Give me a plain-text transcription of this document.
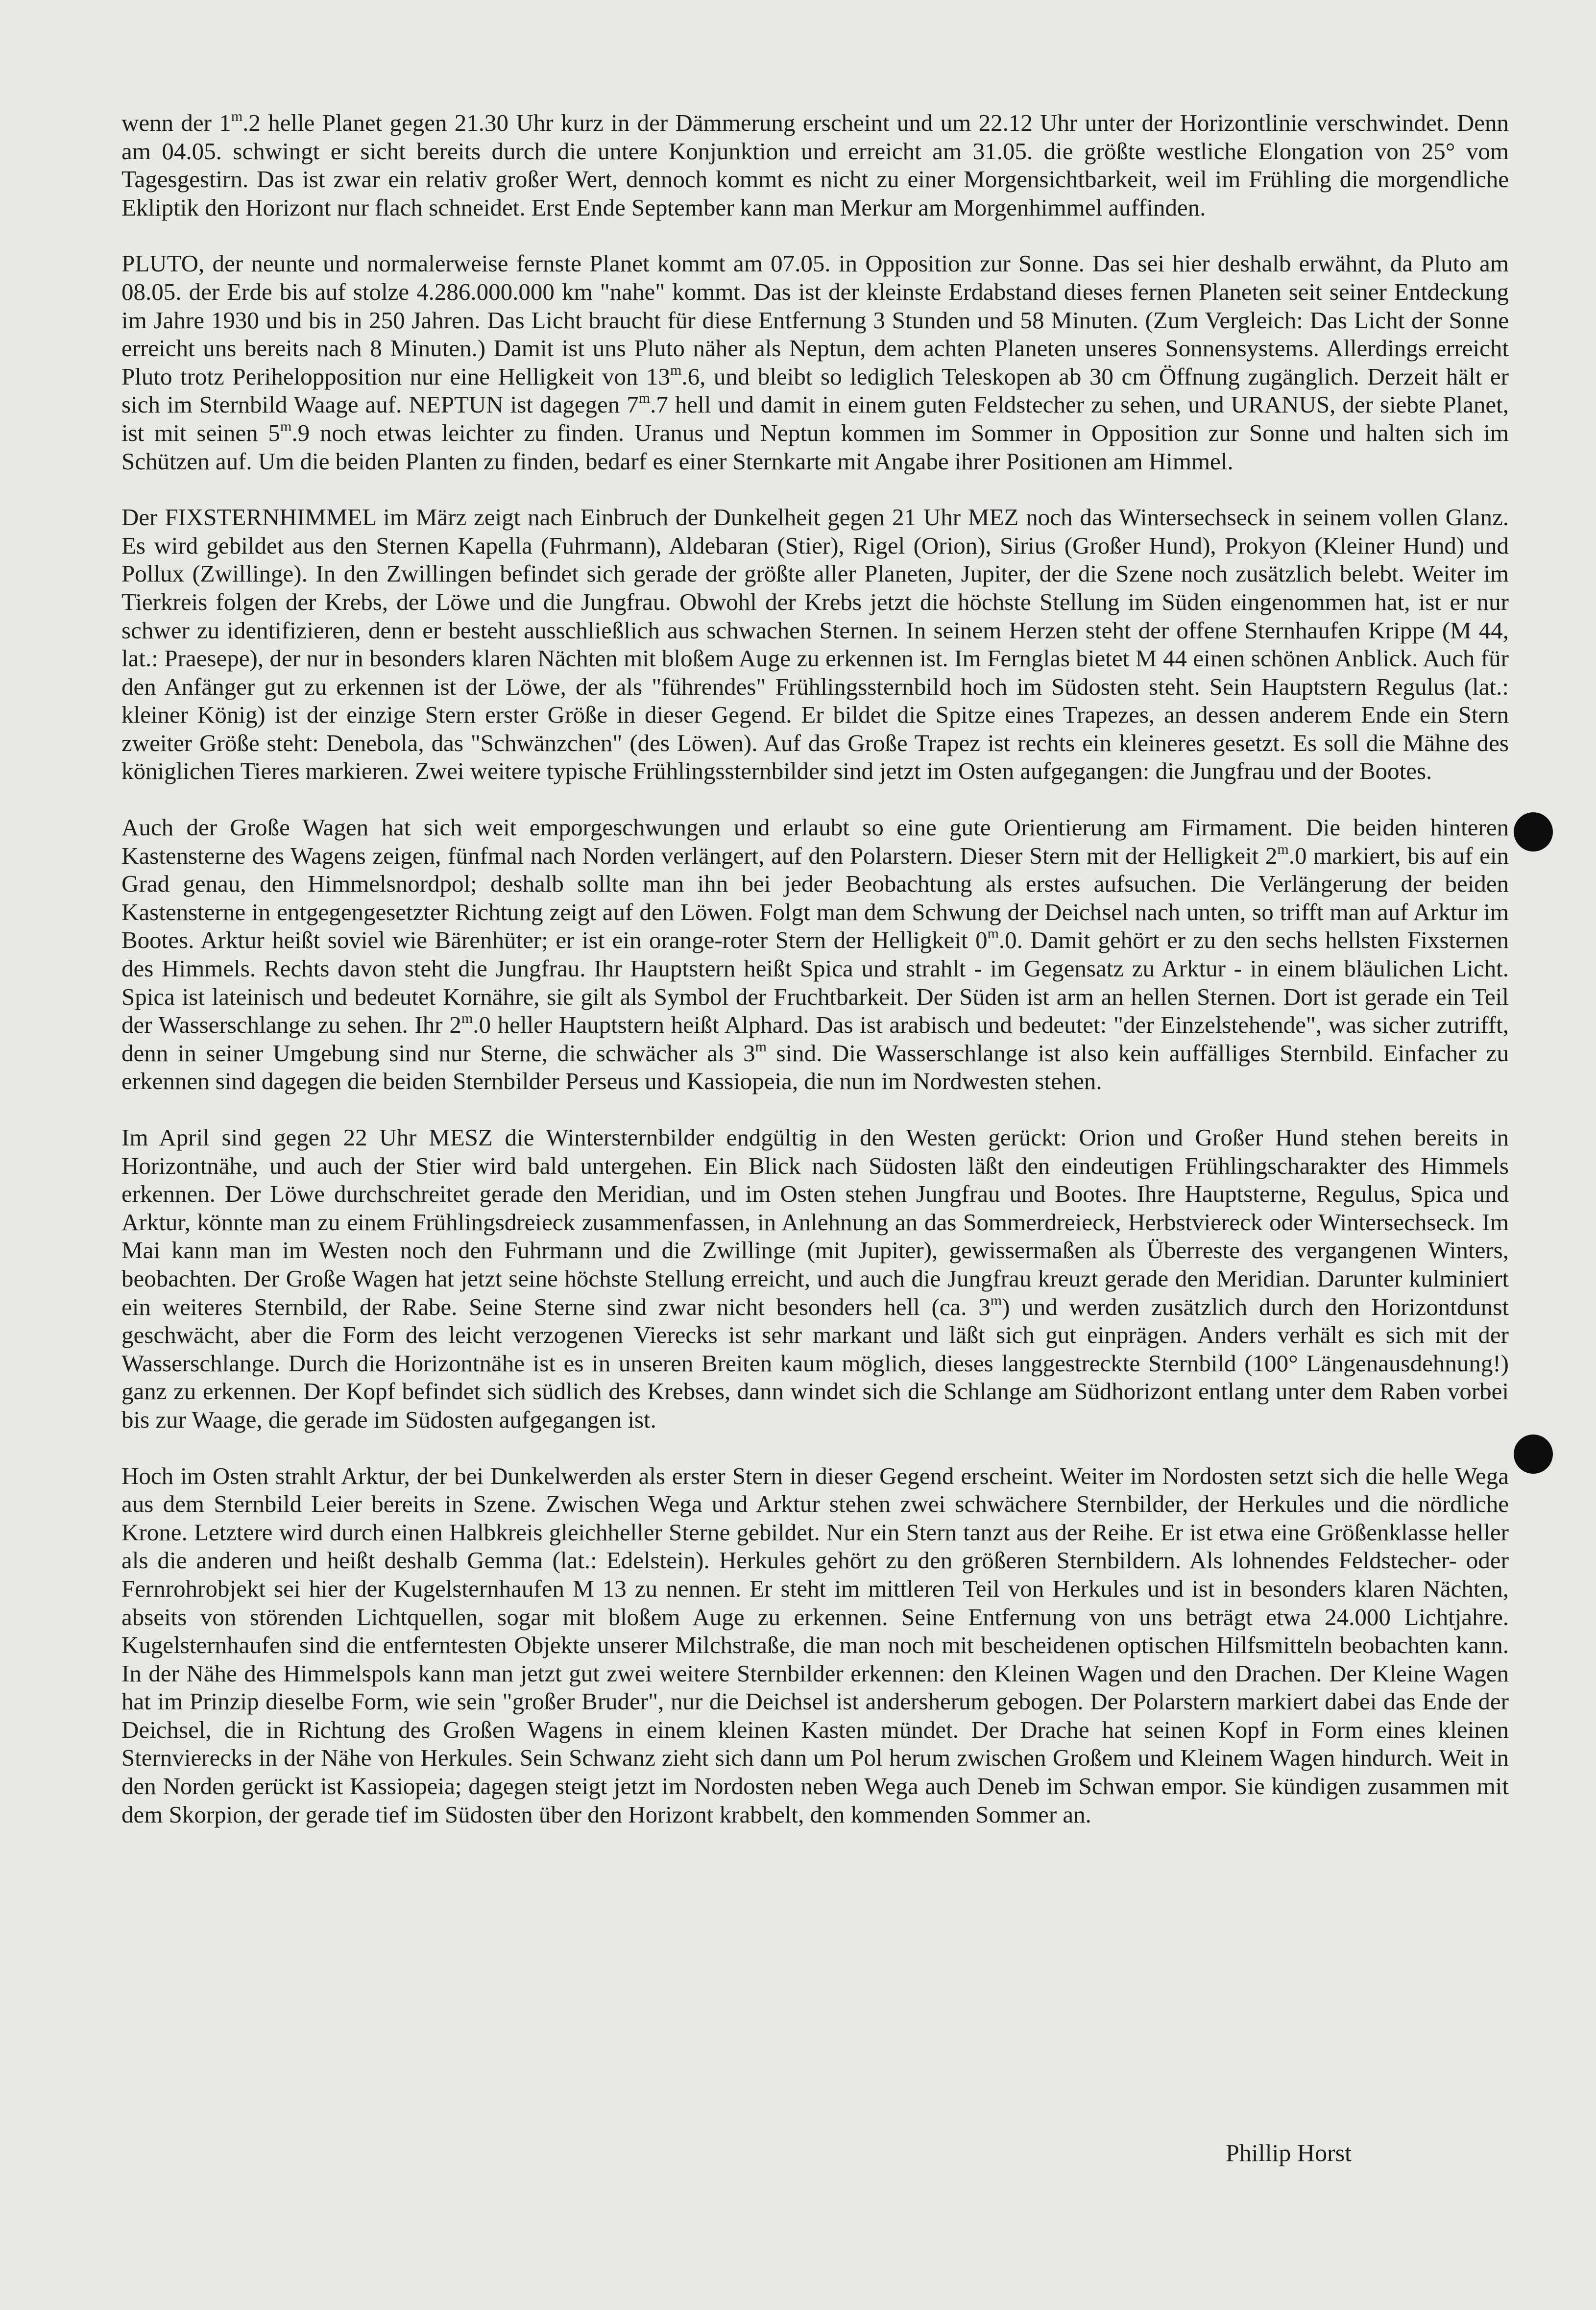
wenn der 1$^m$.2 helle Planet gegen 21.30 Uhr kurz in der Dämmerung erscheint und um 22.12 Uhr unter der Horizontlinie verschwindet. Denn am 04.05. schwingt er sicht bereits durch die untere Konjunktion und erreicht am 31.05. die größte westliche Elongation von 25° vom Tagesgestirn. Das ist zwar ein relativ großer Wert, dennoch kommt es nicht zu einer Morgensichtbarkeit, weil im Frühling die morgendliche Ekliptik den Horizont nur flach schneidet. Erst Ende September kann man Merkur am Morgenhimmel auffinden.

PLUTO, der neunte und normalerweise fernste Planet kommt am 07.05. in Opposition zur Sonne. Das sei hier deshalb erwähnt, da Pluto am 08.05. der Erde bis auf stolze 4.286.000.000 km "nahe" kommt. Das ist der kleinste Erdabstand dieses fernen Planeten seit seiner Entdeckung im Jahre 1930 und bis in 250 Jahren. Das Licht braucht für diese Entfernung 3 Stunden und 58 Minuten. (Zum Vergleich: Das Licht der Sonne erreicht uns bereits nach 8 Minuten.) Damit ist uns Pluto näher als Neptun, dem achten Planeten unseres Sonnensystems. Allerdings erreicht Pluto trotz Perihelopposition nur eine Helligkeit von 13$^m$.6, und bleibt so lediglich Teleskopen ab 30 cm Öffnung zugänglich. Derzeit hält er sich im Sternbild Waage auf. NEPTUN ist dagegen 7$^m$.7 hell und damit in einem guten Feldstecher zu sehen, und URANUS, der siebte Planet, ist mit seinen 5$^m$.9 noch etwas leichter zu finden. Uranus und Neptun kommen im Sommer in Opposition zur Sonne und halten sich im Schützen auf. Um die beiden Planten zu finden, bedarf es einer Sternkarte mit Angabe ihrer Positionen am Himmel.

Der FIXSTERNHIMMEL im März zeigt nach Einbruch der Dunkelheit gegen 21 Uhr MEZ noch das Wintersechseck in seinem vollen Glanz. Es wird gebildet aus den Sternen Kapella (Fuhrmann), Aldebaran (Stier), Rigel (Orion), Sirius (Großer Hund), Prokyon (Kleiner Hund) und Pollux (Zwillinge). In den Zwillingen befindet sich gerade der größte aller Planeten, Jupiter, der die Szene noch zusätzlich belebt. Weiter im Tierkreis folgen der Krebs, der Löwe und die Jungfrau. Obwohl der Krebs jetzt die höchste Stellung im Süden eingenommen hat, ist er nur schwer zu identifizieren, denn er besteht ausschließlich aus schwachen Sternen. In seinem Herzen steht der offene Sternhaufen Krippe (M 44, lat.: Praesepe), der nur in besonders klaren Nächten mit bloßem Auge zu erkennen ist. Im Fernglas bietet M 44 einen schönen Anblick. Auch für den Anfänger gut zu erkennen ist der Löwe, der als "führendes" Frühlingssternbild hoch im Südosten steht. Sein Hauptstern Regulus (lat.: kleiner König) ist der einzige Stern erster Größe in dieser Gegend. Er bildet die Spitze eines Trapezes, an dessen anderem Ende ein Stern zweiter Größe steht: Denebola, das "Schwänzchen" (des Löwen). Auf das Große Trapez ist rechts ein kleineres gesetzt. Es soll die Mähne des königlichen Tieres markieren. Zwei weitere typische Frühlingssternbilder sind jetzt im Osten aufgegangen: die Jungfrau und der Bootes.

Auch der Große Wagen hat sich weit emporgeschwungen und erlaubt so eine gute Orientierung am Firmament. Die beiden hinteren Kastensterne des Wagens zeigen, fünfmal nach Norden verlängert, auf den Polarstern. Dieser Stern mit der Helligkeit 2$^m$.0 markiert, bis auf ein Grad genau, den Himmelsnordpol; deshalb sollte man ihn bei jeder Beobachtung als erstes aufsuchen. Die Verlängerung der beiden Kastensterne in entgegengesetzter Richtung zeigt auf den Löwen. Folgt man dem Schwung der Deichsel nach unten, so trifft man auf Arktur im Bootes. Arktur heißt soviel wie Bärenhüter; er ist ein orange-roter Stern der Helligkeit 0$^m$.0. Damit gehört er zu den sechs hellsten Fixsternen des Himmels. Rechts davon steht die Jungfrau. Ihr Hauptstern heißt Spica und strahlt - im Gegensatz zu Arktur - in einem bläulichen Licht. Spica ist lateinisch und bedeutet Kornähre, sie gilt als Symbol der Fruchtbarkeit. Der Süden ist arm an hellen Sternen. Dort ist gerade ein Teil der Wasserschlange zu sehen. Ihr 2$^m$.0 heller Hauptstern heißt Alphard. Das ist arabisch und bedeutet: "der Einzelstehende", was sicher zutrifft, denn in seiner Umgebung sind nur Sterne, die schwächer als 3$^m$ sind. Die Wasserschlange ist also kein auffälliges Sternbild. Einfacher zu erkennen sind dagegen die beiden Sternbilder Perseus und Kassiopeia, die nun im Nordwesten stehen.

Im April sind gegen 22 Uhr MESZ die Wintersternbilder endgültig in den Westen gerückt: Orion und Großer Hund stehen bereits in Horizontnähe, und auch der Stier wird bald untergehen. Ein Blick nach Südosten läßt den eindeutigen Frühlingscharakter des Himmels erkennen. Der Löwe durchschreitet gerade den Meridian, und im Osten stehen Jungfrau und Bootes. Ihre Hauptsterne, Regulus, Spica und Arktur, könnte man zu einem Frühlingsdreieck zusammenfassen, in Anlehnung an das Sommerdreieck, Herbstviereck oder Wintersechseck. Im Mai kann man im Westen noch den Fuhrmann und die Zwillinge (mit Jupiter), gewissermaßen als Überreste des vergangenen Winters, beobachten. Der Große Wagen hat jetzt seine höchste Stellung erreicht, und auch die Jungfrau kreuzt gerade den Meridian. Darunter kulminiert ein weiteres Sternbild, der Rabe. Seine Sterne sind zwar nicht besonders hell (ca. 3$^m$) und werden zusätzlich durch den Horizontdunst geschwächt, aber die Form des leicht verzogenen Vierecks ist sehr markant und läßt sich gut einprägen. Anders verhält es sich mit der Wasserschlange. Durch die Horizontnähe ist es in unseren Breiten kaum möglich, dieses langgestreckte Sternbild (100° Längenausdehnung!) ganz zu erkennen. Der Kopf befindet sich südlich des Krebses, dann windet sich die Schlange am Südhorizont entlang unter dem Raben vorbei bis zur Waage, die gerade im Südosten aufgegangen ist.

Hoch im Osten strahlt Arktur, der bei Dunkelwerden als erster Stern in dieser Gegend erscheint. Weiter im Nordosten setzt sich die helle Wega aus dem Sternbild Leier bereits in Szene. Zwischen Wega und Arktur stehen zwei schwächere Sternbilder, der Herkules und die nördliche Krone. Letztere wird durch einen Halbkreis gleichheller Sterne gebildet. Nur ein Stern tanzt aus der Reihe. Er ist etwa eine Größenklasse heller als die anderen und heißt deshalb Gemma (lat.: Edelstein). Herkules gehört zu den größeren Sternbildern. Als lohnendes Feldstecher- oder Fernrohrobjekt sei hier der Kugelsternhaufen M 13 zu nennen. Er steht im mittleren Teil von Herkules und ist in besonders klaren Nächten, abseits von störenden Lichtquellen, sogar mit bloßem Auge zu erkennen. Seine Entfernung von uns beträgt etwa 24.000 Lichtjahre. Kugelsternhaufen sind die entferntesten Objekte unserer Milchstraße, die man noch mit bescheidenen optischen Hilfsmitteln beobachten kann. In der Nähe des Himmelspols kann man jetzt gut zwei weitere Sternbilder erkennen: den Kleinen Wagen und den Drachen. Der Kleine Wagen hat im Prinzip dieselbe Form, wie sein "großer Bruder", nur die Deichsel ist andersherum gebogen. Der Polarstern markiert dabei das Ende der Deichsel, die in Richtung des Großen Wagens in einem kleinen Kasten mündet. Der Drache hat seinen Kopf in Form eines kleinen Sternvierecks in der Nähe von Herkules. Sein Schwanz zieht sich dann um Pol herum zwischen Großem und Kleinem Wagen hindurch. Weit in den Norden gerückt ist Kassiopeia; dagegen steigt jetzt im Nordosten neben Wega auch Deneb im Schwan empor. Sie kündigen zusammen mit dem Skorpion, der gerade tief im Südosten über den Horizont krabbelt, den kommenden Sommer an.

Phillip Horst
